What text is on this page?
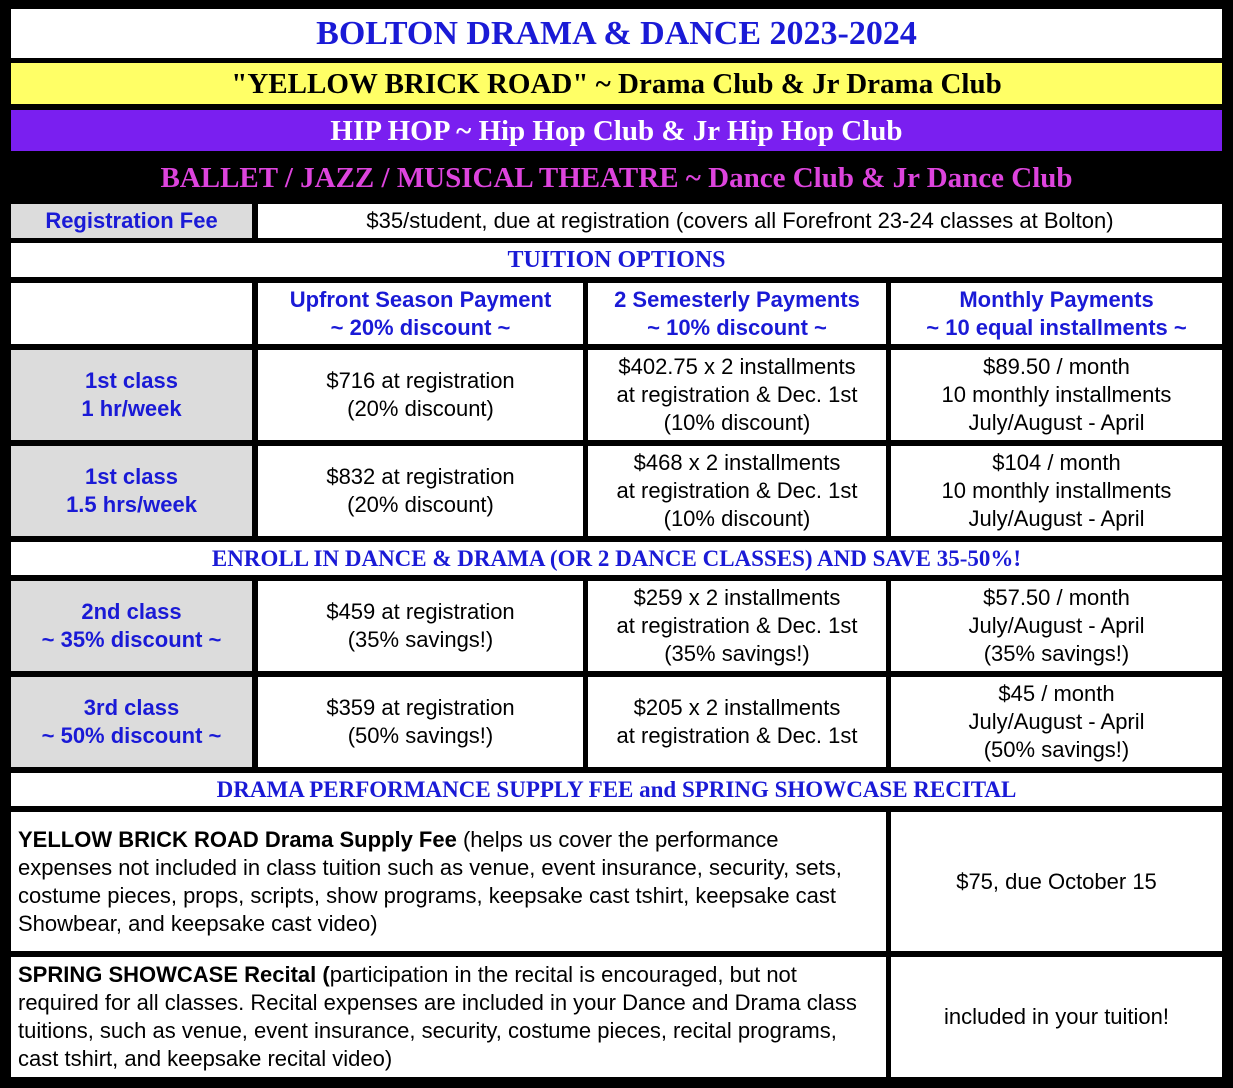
BOLTON DRAMA & DANCE 2023-2024
"YELLOW BRICK ROAD" ~ Drama Club & Jr Drama Club
HIP HOP ~ Hip Hop Club & Jr Hip Hop Club
BALLET / JAZZ / MUSICAL THEATRE ~ Dance Club & Jr Dance Club
Registration Fee	$35/student, due at registration (covers all Forefront 23-24 classes at Bolton)
TUITION OPTIONS
Upfront Season Payment
~ 20% discount ~
2 Semesterly Payments
~ 10% discount ~
Monthly Payments
~ 10 equal installments ~
1st class
1 hr/week
$716 at registration
(20% discount)
$402.75 x 2 installments
at registration & Dec. 1st
(10% discount)
$89.50 / month
10 monthly installments
July/August - April
1st class
1.5 hrs/week
$832 at registration
(20% discount)
$468 x 2 installments
at registration & Dec. 1st
(10% discount)
$104 / month
10 monthly installments
July/August - April
ENROLL IN DANCE & DRAMA (OR 2 DANCE CLASSES) AND SAVE 35-50%!
2nd class
~ 35% discount ~
$459 at registration
(35% savings!)
$259 x 2 installments
at registration & Dec. 1st
(35% savings!)
$57.50 / month
July/August - April
(35% savings!)
3rd class
~ 50% discount ~
$359 at registration
(50% savings!)
$205 x 2 installments
at registration & Dec. 1st
$45 / month
July/August - April
(50% savings!)
DRAMA PERFORMANCE SUPPLY FEE and SPRING SHOWCASE RECITAL

YELLOW BRICK ROAD Drama Supply Fee (helps us cover the performance expenses not included in class tuition such as venue, event insurance, security, sets, costume pieces, props, scripts, show programs, keepsake cast tshirt, keepsake cast Showbear, and keepsake cast video)

$75, due October 15

SPRING SHOWCASE Recital (participation in the recital is encouraged, but not required for all classes. Recital expenses are included in your Dance and Drama class tuitions, such as venue, event insurance, security, costume pieces, recital programs, cast tshirt, and keepsake recital video)

included in your tuition!
